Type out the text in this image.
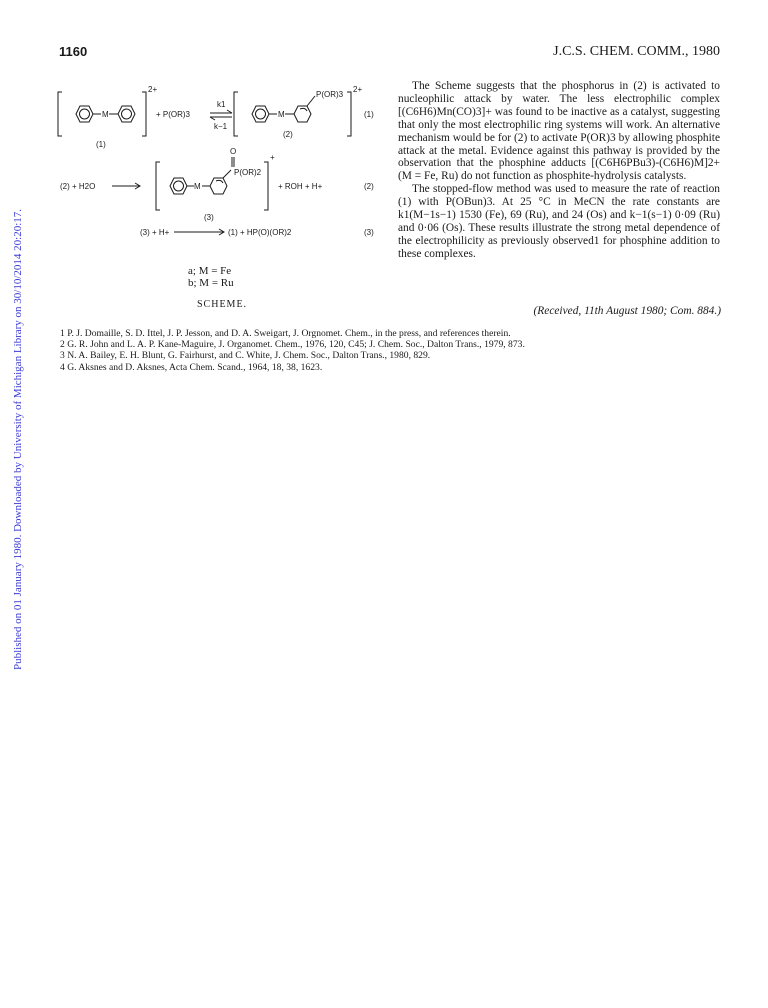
Published on 01 January 1980. Downloaded by University of Michigan Library on 30/10/2014 20:20:17.
1160	J.C.S. CHEM. COMM., 1980
M
2+
(1)
+ P(OR)3
k1
k−1
M
P(OR)3
2+
(2)
(1)
(2) + H2O	M
O
P(OR)2
+
(3)
+ ROH + H+	(2)
(3) + H+	(1) + HP(O)(OR)2	(3)
a; M = Fe
b; M = Ru
SCHEME.

The Scheme suggests that the phosphorus in (2) is activated to nucleophilic attack by water. The less electrophilic complex [(C6H6)Mn(CO)3]+ was found to be inactive as a catalyst, suggesting that only the most electrophilic ring systems will work. An alternative mechanism would be for (2) to activate P(OR)3 by allowing phosphite attack at the metal. Evidence against this pathway is provided by the observation that the phosphine adducts [(C6H6PBu3)-(C6H6)M]2+ (M = Fe, Ru) do not function as phosphite-hydrolysis catalysts.

The stopped-flow method was used to measure the rate of reaction (1) with P(OBun)3. At 25 °C in MeCN the rate constants are k1(M−1s−1) 1530 (Fe), 69 (Ru), and 24 (Os) and k−1(s−1) 0·09 (Ru) and 0·06 (Os). These results illustrate the strong metal dependence of the electrophilicity as previously observed1 for phosphine addition to these complexes.

(Received, 11th August 1980; Com. 884.)
1 P. J. Domaille, S. D. Ittel, J. P. Jesson, and D. A. Sweigart, J. Orgnomet. Chem., in the press, and references therein.
2 G. R. John and L. A. P. Kane-Maguire, J. Organomet. Chem., 1976, 120, C45; J. Chem. Soc., Dalton Trans., 1979, 873.
3 N. A. Bailey, E. H. Blunt, G. Fairhurst, and C. White, J. Chem. Soc., Dalton Trans., 1980, 829.
4 G. Aksnes and D. Aksnes, Acta Chem. Scand., 1964, 18, 38, 1623.
